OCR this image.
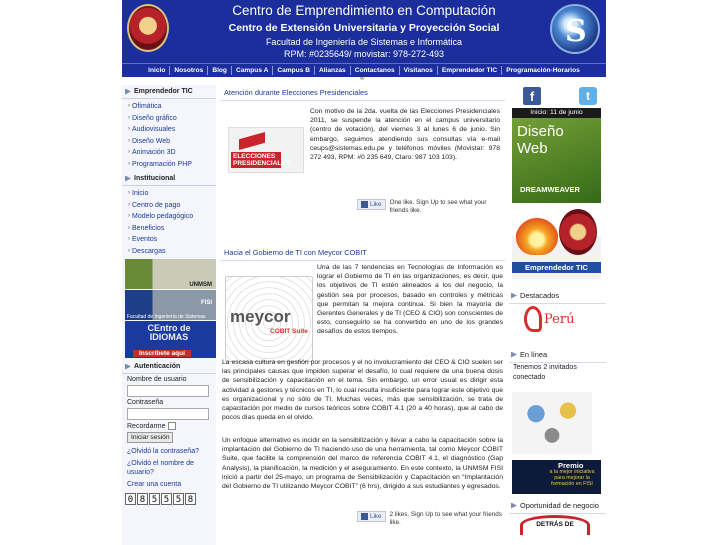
Centro de Emprendimiento en Computación
Centro de Extensión Universitaria y Proyección Social
Facultad de Ingeniería de Sistemas e Informática
RPM: #0235649/ movistar: 978-272-493
S
Inicio	Nosotros	Blog	Campus A	Campus B	Alianzas	Contactanos	Visitanos	Emprendedor TIC	Programación-Horarios
®
Emprendedor TIC
› Ofimática
› Diseño gráfico
› Audiovisuales
› Diseño Web
› Animación 3D
› Programación PHP
Institucional
› Inicio
› Centro de pago
› Modelo pedagógico
› Beneficios
› Eventos
› Descargas
UNMSM
FISI
Facultad de Ingeniería de Sistemas
CEntro de IDIOMAS
Inscríbete aquí
Autenticación
Nombre de usuario
Contraseña
Recordarme
Iniciar sesión
¿Olvidó la contraseña?
¿Olvidó el nombre de usuario?
Crear una cuenta
0 8 5 5 5 8
Atención durante Elecciones Presidenciales
ELECCIONES PRESIDENCIALES
Con motivo de la 2da. vuelta de las Elecciones Presidenciales 2011, se suspende la atención en el campus universitario (centro de votación), del viernes 3 al lunes 6 de junio. Sin embargo, seguimos atendiendo sus consultas vía e-mail ceups@sistemas.edu.pe y teléfonos móviles (Movistar: 978 272 493, RPM: #0 235 649, Claro: 987 103 103).
Like One like. Sign Up to see what your friends like.
Hacia el Gobierno de TI con Meycor COBIT
meycor
COBIT Suite
Una de las 7 tendencias en Tecnologías de Información es lograr el Gobierno de TI en las organizaciones, es decir, que los objetivos de TI estén alineados a los del negocio, la gestión sea por procesos, basado en controles y métricas que permitan la mejora continua. Si bien la mayoría de Gerentes Generales y de TI (CEO & CIO) son conscientes de esto, conseguirlo se ha convertido en uno de los grandes desafíos de estos tiempos.
La escasa cultura en gestión por procesos y el no involucramiento del CEO & CIO suelen ser las principales causas que impiden superar el desafío, lo cual requiere de una buena dosis de sensibilización y capacitación en el tema. Sin embargo, un error usual es dirigir esta actividad a gestores y técnicos en TI, lo cual resulta insuficiente para lograr este objetivo que es organizacional y no sólo de TI. Muchas veces, más que sensibilización, se trata de capacitación por medio de cursos teóricos sobre COBIT 4.1 (20 a 40 horas), que al cabo de pocos días queda en el olvido.
Un enfoque alternativo es incidir en la sensibilización y llevar a cabo la capacitación sobre la implantación del Gobierno de TI haciendo uso de una herramienta, tal como Meycor COBIT Suite, que facilite la comprensión del marco de referencia COBIT 4.1, el diagnóstico (Gap Analysis), la planificación, la medición y el aseguramiento. En este contexto, la UNMSM FISI inició a partir del 25-mayo, un programa de Sensibilización y Capacitación en “Implantación del Gobierno de TI utilizando Meycor COBIT” (6 hrs), dirigido a sus estudiantes y egresados.
Like 2 likes. Sign Up to see what your friends like.
f	t
Inicio: 11 de junio
Diseño Web
DREAMWEAVER
Emprendedor TIC
Destacados
Perú
En línea
Tenemos 2 invitados conectado
Premio
a la mejor iniciativa para mejorar la formación en FISI
Oportunidad de negocio
DETRÁS DE
